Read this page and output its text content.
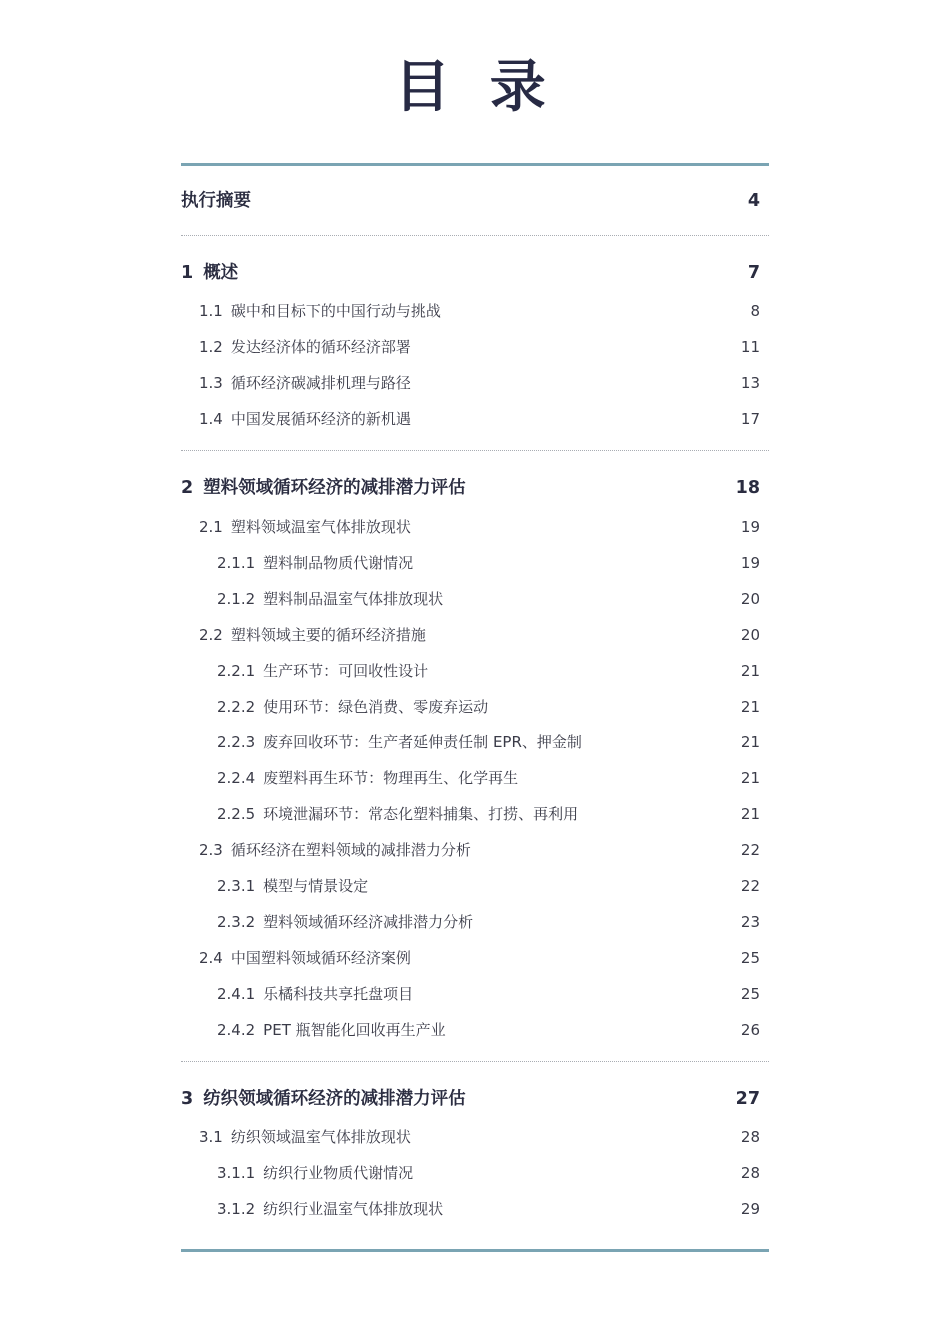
目 录
执行摘要	4
1 概述	7
1.1 碳中和目标下的中国行动与挑战	8
1.2 发达经济体的循环经济部署	11
1.3 循环经济碳减排机理与路径	13
1.4 中国发展循环经济的新机遇	17
2 塑料领域循环经济的减排潜力评估	18
2.1 塑料领域温室气体排放现状	19
2.1.1 塑料制品物质代谢情况	19
2.1.2 塑料制品温室气体排放现状	20
2.2 塑料领域主要的循环经济措施	20
2.2.1 生产环节：可回收性设计	21
2.2.2 使用环节：绿色消费、零废弃运动	21
2.2.3 废弃回收环节：生产者延伸责任制 EPR、押金制	21
2.2.4 废塑料再生环节：物理再生、化学再生	21
2.2.5 环境泄漏环节：常态化塑料捕集、打捞、再利用	21
2.3 循环经济在塑料领域的减排潜力分析	22
2.3.1 模型与情景设定	22
2.3.2 塑料领域循环经济减排潜力分析	23
2.4 中国塑料领域循环经济案例	25
2.4.1 乐橘科技共享托盘项目	25
2.4.2 PET 瓶智能化回收再生产业	26
3 纺织领域循环经济的减排潜力评估	27
3.1 纺织领域温室气体排放现状	28
3.1.1 纺织行业物质代谢情况	28
3.1.2 纺织行业温室气体排放现状	29
